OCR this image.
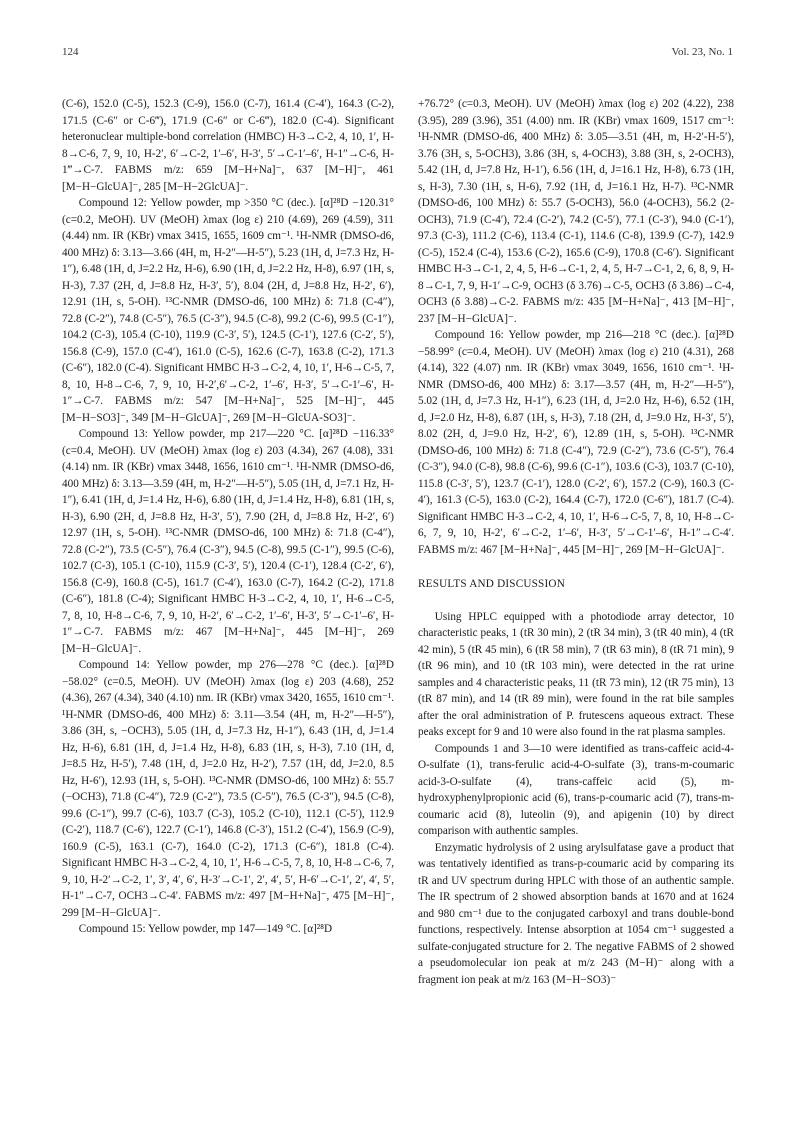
124	Vol. 23, No. 1

(C-6), 152.0 (C-5), 152.3 (C-9), 156.0 (C-7), 161.4 (C-4′), 164.3 (C-2), 171.5 (C-6″ or C-6‴), 171.9 (C-6″ or C-6‴), 182.0 (C-4). Significant heteronuclear multiple-bond correlation (HMBC) H-3→C-2, 4, 10, 1′, H-8→C-6, 7, 9, 10, H-2′, 6′→C-2, 1′–6′, H-3′, 5′→C-1′–6′, H-1″→C-6, H-1‴→C-7. FABMS m/z: 659 [M−H+Na]⁻, 637 [M−H]⁻, 461 [M−H−GlcUA]⁻, 285 [M−H−2GlcUA]⁻.

Compound 12: Yellow powder, mp >350 °C (dec.). [α]²⁸D −120.31° (c=0.2, MeOH). UV (MeOH) λmax (log ε) 210 (4.69), 269 (4.59), 311 (4.44) nm. IR (KBr) νmax 3415, 1655, 1609 cm⁻¹. ¹H-NMR (DMSO-d6, 400 MHz) δ: 3.13—3.66 (4H, m, H-2″—H-5″), 5.23 (1H, d, J=7.3 Hz, H-1″), 6.48 (1H, d, J=2.2 Hz, H-6), 6.90 (1H, d, J=2.2 Hz, H-8), 6.97 (1H, s, H-3), 7.37 (2H, d, J=8.8 Hz, H-3′, 5′), 8.04 (2H, d, J=8.8 Hz, H-2′, 6′), 12.91 (1H, s, 5-OH). ¹³C-NMR (DMSO-d6, 100 MHz) δ: 71.8 (C-4″), 72.8 (C-2″), 74.8 (C-5″), 76.5 (C-3″), 94.5 (C-8), 99.2 (C-6), 99.5 (C-1″), 104.2 (C-3), 105.4 (C-10), 119.9 (C-3′, 5′), 124.5 (C-1′), 127.6 (C-2′, 5′), 156.8 (C-9), 157.0 (C-4′), 161.0 (C-5), 162.6 (C-7), 163.8 (C-2), 171.3 (C-6″), 182.0 (C-4). Significant HMBC H-3→C-2, 4, 10, 1′, H-6→C-5, 7, 8, 10, H-8→C-6, 7, 9, 10, H-2′,6′→C-2, 1′–6′, H-3′, 5′→C-1′–6′, H-1″→C-7. FABMS m/z: 547 [M−H+Na]⁻, 525 [M−H]⁻, 445 [M−H−SO3]⁻, 349 [M−H−GlcUA]⁻, 269 [M−H−GlcUA-SO3]⁻.

Compound 13: Yellow powder, mp 217—220 °C. [α]²⁸D −116.33° (c=0.4, MeOH). UV (MeOH) λmax (log ε) 203 (4.34), 267 (4.08), 331 (4.14) nm. IR (KBr) νmax 3448, 1656, 1610 cm⁻¹. ¹H-NMR (DMSO-d6, 400 MHz) δ: 3.13—3.59 (4H, m, H-2″—H-5″), 5.05 (1H, d, J=7.1 Hz, H-1″), 6.41 (1H, d, J=1.4 Hz, H-6), 6.80 (1H, d, J=1.4 Hz, H-8), 6.81 (1H, s, H-3), 6.90 (2H, d, J=8.8 Hz, H-3′, 5′), 7.90 (2H, d, J=8.8 Hz, H-2′, 6′) 12.97 (1H, s, 5-OH). ¹³C-NMR (DMSO-d6, 100 MHz) δ: 71.8 (C-4″), 72.8 (C-2″), 73.5 (C-5″), 76.4 (C-3″), 94.5 (C-8), 99.5 (C-1″), 99.5 (C-6), 102.7 (C-3), 105.1 (C-10), 115.9 (C-3′, 5′), 120.4 (C-1′), 128.4 (C-2′, 6′), 156.8 (C-9), 160.8 (C-5), 161.7 (C-4′), 163.0 (C-7), 164.2 (C-2), 171.8 (C-6″), 181.8 (C-4); Significant HMBC H-3→C-2, 4, 10, 1′, H-6→C-5, 7, 8, 10, H-8→C-6, 7, 9, 10, H-2′, 6′→C-2, 1′–6′, H-3′, 5′→C-1′–6′, H-1″→C-7. FABMS m/z: 467 [M−H+Na]⁻, 445 [M−H]⁻, 269 [M−H−GlcUA]⁻.

Compound 14: Yellow powder, mp 276—278 °C (dec.). [α]²⁸D −58.02° (c=0.5, MeOH). UV (MeOH) λmax (log ε) 203 (4.68), 252 (4.36), 267 (4.34), 340 (4.10) nm. IR (KBr) νmax 3420, 1655, 1610 cm⁻¹. ¹H-NMR (DMSO-d6, 400 MHz) δ: 3.11—3.54 (4H, m, H-2″—H-5″), 3.86 (3H, s, −OCH3), 5.05 (1H, d, J=7.3 Hz, H-1″), 6.43 (1H, d, J=1.4 Hz, H-6), 6.81 (1H, d, J=1.4 Hz, H-8), 6.83 (1H, s, H-3), 7.10 (1H, d, J=8.5 Hz, H-5′), 7.48 (1H, d, J=2.0 Hz, H-2′), 7.57 (1H, dd, J=2.0, 8.5 Hz, H-6′), 12.93 (1H, s, 5-OH). ¹³C-NMR (DMSO-d6, 100 MHz) δ: 55.7 (−OCH3), 71.8 (C-4″), 72.9 (C-2″), 73.5 (C-5″), 76.5 (C-3″), 94.5 (C-8), 99.6 (C-1″), 99.7 (C-6), 103.7 (C-3), 105.2 (C-10), 112.1 (C-5′), 112.9 (C-2′), 118.7 (C-6′), 122.7 (C-1′), 146.8 (C-3′), 151.2 (C-4′), 156.9 (C-9), 160.9 (C-5), 163.1 (C-7), 164.0 (C-2), 171.3 (C-6″), 181.8 (C-4). Significant HMBC H-3→C-2, 4, 10, 1′, H-6→C-5, 7, 8, 10, H-8→C-6, 7, 9, 10, H-2′→C-2, 1′, 3′, 4′, 6′, H-3′→C-1′, 2′, 4′, 5′, H-6′→C-1′, 2′, 4′, 5′, H-1″→C-7, OCH3→C-4′. FABMS m/z: 497 [M−H+Na]⁻, 475 [M−H]⁻, 299 [M−H−GlcUA]⁻.

Compound 15: Yellow powder, mp 147—149 °C. [α]²⁸D

+76.72° (c=0.3, MeOH). UV (MeOH) λmax (log ε) 202 (4.22), 238 (3.95), 289 (3.96), 351 (4.00) nm. IR (KBr) νmax 1609, 1517 cm⁻¹: ¹H-NMR (DMSO-d6, 400 MHz) δ: 3.05—3.51 (4H, m, H-2′-H-5′), 3.76 (3H, s, 5-OCH3), 3.86 (3H, s, 4-OCH3), 3.88 (3H, s, 2-OCH3), 5.42 (1H, d, J=7.8 Hz, H-1′), 6.56 (1H, d, J=16.1 Hz, H-8), 6.73 (1H, s, H-3), 7.30 (1H, s, H-6), 7.92 (1H, d, J=16.1 Hz, H-7). ¹³C-NMR (DMSO-d6, 100 MHz) δ: 55.7 (5-OCH3), 56.0 (4-OCH3), 56.2 (2-OCH3), 71.9 (C-4′), 72.4 (C-2′), 74.2 (C-5′), 77.1 (C-3′), 94.0 (C-1′), 97.3 (C-3), 111.2 (C-6), 113.4 (C-1), 114.6 (C-8), 139.9 (C-7), 142.9 (C-5), 152.4 (C-4), 153.6 (C-2), 165.6 (C-9), 170.8 (C-6′). Significant HMBC H-3→C-1, 2, 4, 5, H-6→C-1, 2, 4, 5, H-7→C-1, 2, 6, 8, 9, H-8→C-1, 7, 9, H-1′→C-9, OCH3 (δ 3.76)→C-5, OCH3 (δ 3.86)→C-4, OCH3 (δ 3.88)→C-2. FABMS m/z: 435 [M−H+Na]⁻, 413 [M−H]⁻, 237 [M−H−GlcUA]⁻.

Compound 16: Yellow powder, mp 216—218 °C (dec.). [α]²⁸D −58.99° (c=0.4, MeOH). UV (MeOH) λmax (log ε) 210 (4.31), 268 (4.14), 322 (4.07) nm. IR (KBr) νmax 3049, 1656, 1610 cm⁻¹. ¹H-NMR (DMSO-d6, 400 MHz) δ: 3.17—3.57 (4H, m, H-2″—H-5″), 5.02 (1H, d, J=7.3 Hz, H-1″), 6.23 (1H, d, J=2.0 Hz, H-6), 6.52 (1H, d, J=2.0 Hz, H-8), 6.87 (1H, s, H-3), 7.18 (2H, d, J=9.0 Hz, H-3′, 5′), 8.02 (2H, d, J=9.0 Hz, H-2′, 6′), 12.89 (1H, s, 5-OH). ¹³C-NMR (DMSO-d6, 100 MHz) δ: 71.8 (C-4″), 72.9 (C-2″), 73.6 (C-5″), 76.4 (C-3″), 94.0 (C-8), 98.8 (C-6), 99.6 (C-1″), 103.6 (C-3), 103.7 (C-10), 115.8 (C-3′, 5′), 123.7 (C-1′), 128.0 (C-2′, 6′), 157.2 (C-9), 160.3 (C-4′), 161.3 (C-5), 163.0 (C-2), 164.4 (C-7), 172.0 (C-6″), 181.7 (C-4). Significant HMBC H-3→C-2, 4, 10, 1′, H-6→C-5, 7, 8, 10, H-8→C-6, 7, 9, 10, H-2′, 6′→C-2, 1′–6′, H-3′, 5′→C-1′–6′, H-1″→C-4′. FABMS m/z: 467 [M−H+Na]⁻, 445 [M−H]⁻, 269 [M−H−GlcUA]⁻.

RESULTS AND DISCUSSION

Using HPLC equipped with a photodiode array detector, 10 characteristic peaks, 1 (tR 30 min), 2 (tR 34 min), 3 (tR 40 min), 4 (tR 42 min), 5 (tR 45 min), 6 (tR 58 min), 7 (tR 63 min), 8 (tR 71 min), 9 (tR 96 min), and 10 (tR 103 min), were detected in the rat urine samples and 4 characteristic peaks, 11 (tR 73 min), 12 (tR 75 min), 13 (tR 87 min), and 14 (tR 89 min), were found in the rat bile samples after the oral administration of P. frutescens aqueous extract. These peaks except for 9 and 10 were also found in the rat plasma samples.

Compounds 1 and 3—10 were identified as trans-caffeic acid-4-O-sulfate (1), trans-ferulic acid-4-O-sulfate (3), trans-m-coumaric acid-3-O-sulfate (4), trans-caffeic acid (5), m-hydroxyphenylpropionic acid (6), trans-p-coumaric acid (7), trans-m-coumaric acid (8), luteolin (9), and apigenin (10) by direct comparison with authentic samples.

Enzymatic hydrolysis of 2 using arylsulfatase gave a product that was tentatively identified as trans-p-coumaric acid by comparing its tR and UV spectrum during HPLC with those of an authentic sample. The IR spectrum of 2 showed absorption bands at 1670 and at 1624 and 980 cm⁻¹ due to the conjugated carboxyl and trans double-bond functions, respectively. Intense absorption at 1054 cm⁻¹ suggested a sulfate-conjugated structure for 2. The negative FABMS of 2 showed a pseudomolecular ion peak at m/z 243 (M−H)⁻ along with a fragment ion peak at m/z 163 (M−H−SO3)⁻
